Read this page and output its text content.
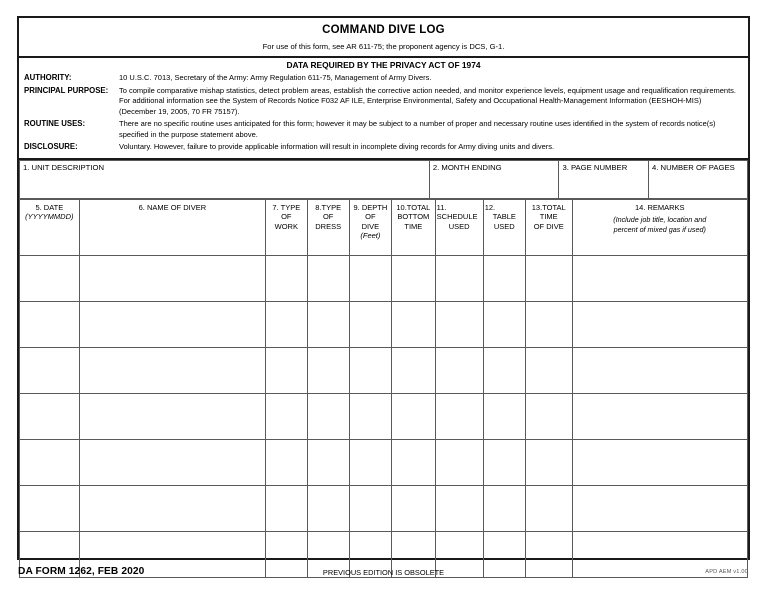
COMMAND DIVE LOG
For use of this form, see AR 611-75; the proponent agency is DCS, G-1.
DATA REQUIRED BY THE PRIVACY ACT OF 1974
AUTHORITY:	10 U.S.C. 7013, Secretary of the Army: Army Regulation 611-75, Management of Army Divers.
PRINCIPAL PURPOSE:	To compile comparative mishap statistics, detect problem areas, establish the corrective action needed, and monitor experience levels, equipment usage and requalification requirements. For additional information see the System of Records Notice F032 AF ILE, Enterprise Environmental, Safety and Occupational Health-Management Information (EESHOH-MIS) (December 19, 2005, 70 FR 75157).
ROUTINE USES:	There are no specific routine uses anticipated for this form; however it may be subject to a number of proper and necessary routine uses identified in the system of records notice(s) specified in the purpose statement above.
DISCLOSURE:	Voluntary. However, failure to provide applicable information will result in incomplete diving records for Army diving units and divers.
1. UNIT DESCRIPTION	2. MONTH ENDING	3. PAGE NUMBER	4. NUMBER OF PAGES
5. DATE
(YYYYMMDD)

6. NAME OF DIVER	7. TYPE
OF
WORK

8.TYPE
OF
DRESS

9. DEPTH
OF
DIVE
(Feet)

10.TOTAL
BOTTOM
TIME

11.
SCHEDULE
USED

12.
TABLE
USED

13.TOTAL
TIME
OF DIVE

14. REMARKS
(Include job title, location and
percent of mixed gas if used)

DA FORM 1262, FEB 2020	PREVIOUS EDITION IS OBSOLETE	APD AEM v1.00
